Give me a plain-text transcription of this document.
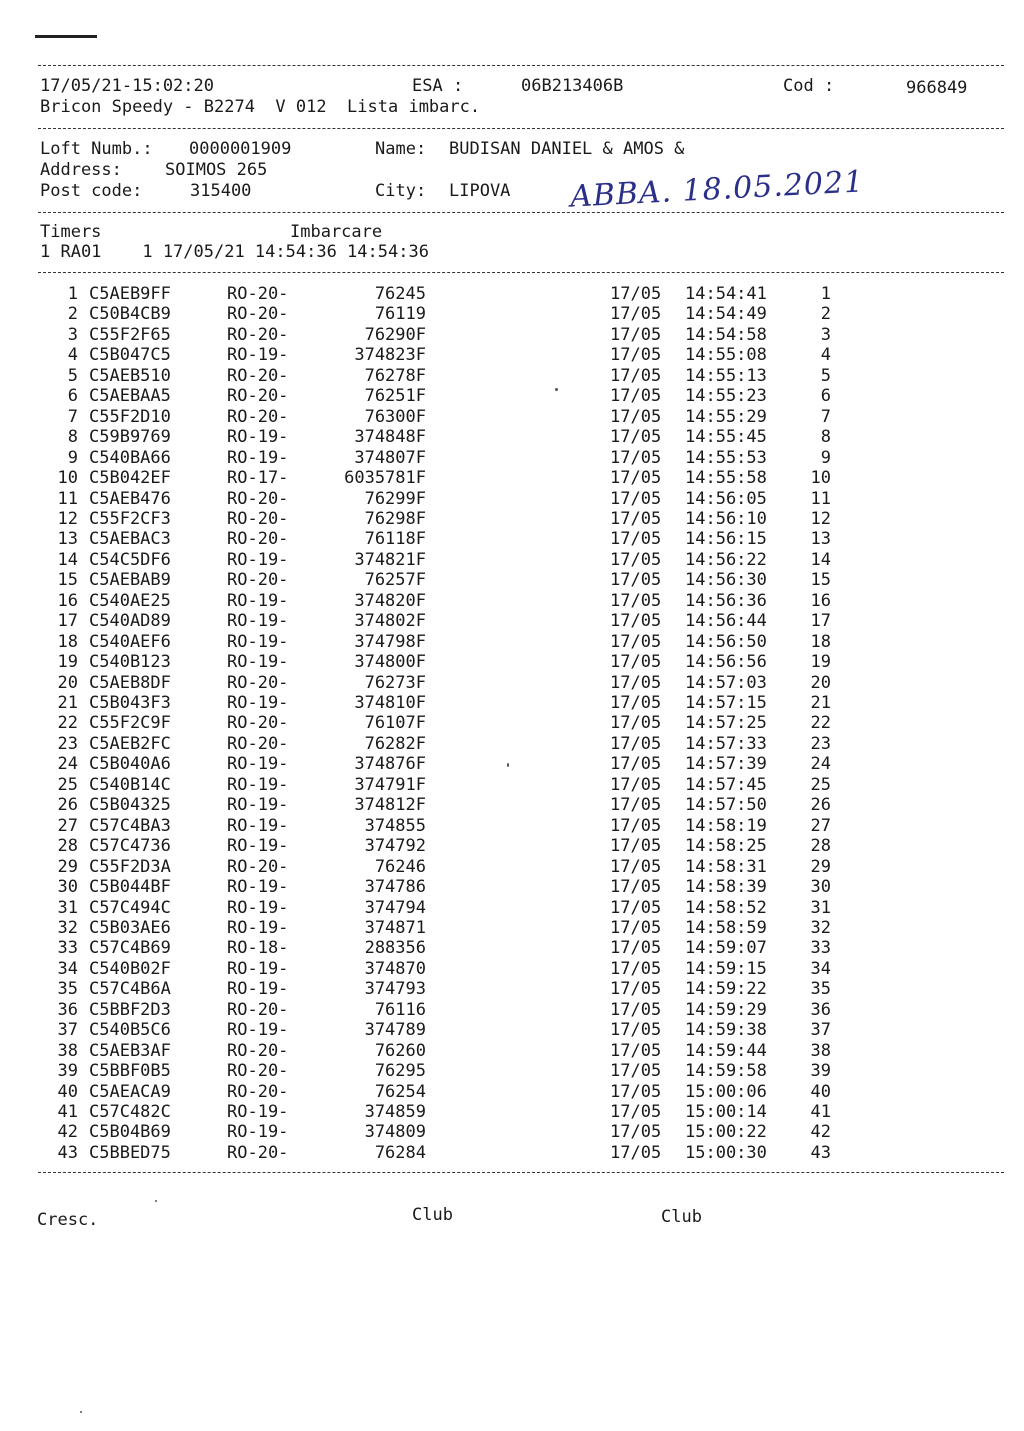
17/05/21-15:02:20	ESA :	06B213406B	Cod :	966849
Bricon Speedy - B2274  V 012  Lista imbarc.
Loft Numb.: 0000001909	Name: BUDISAN DANIEL & AMOS &
Address:	SOIMOS 265
Post code:	315400	City: LIPOVA ABBA. 18.05.2021
Timers	Imbarcare
1 RA01    1 17/05/21 14:54:36 14:54:36
1 C5AEB9FF	RO-20-	76245	17/05 14:54:41	1
2 C50B4CB9	RO-20-	76119	17/05 14:54:49	2
3 C55F2F65	RO-20-	76290F	17/05 14:54:58	3
4 C5B047C5	RO-19-	374823F	17/05 14:55:08	4
5 C5AEB510	RO-20-	76278F	17/05 14:55:13	5
6 C5AEBAA5	RO-20-	76251F	17/05 14:55:23	6
7 C55F2D10	RO-20-	76300F	17/05 14:55:29	7
8 C59B9769	RO-19-	374848F	17/05 14:55:45	8
9 C540BA66	RO-19-	374807F	17/05 14:55:53	9
10 C5B042EF	RO-17-	6035781F	17/05 14:55:58	10
11 C5AEB476	RO-20-	76299F	17/05 14:56:05	11
12 C55F2CF3	RO-20-	76298F	17/05 14:56:10	12
13 C5AEBAC3	RO-20-	76118F	17/05 14:56:15	13
14 C54C5DF6	RO-19-	374821F	17/05 14:56:22	14
15 C5AEBAB9	RO-20-	76257F	17/05 14:56:30	15
16 C540AE25	RO-19-	374820F	17/05 14:56:36	16
17 C540AD89	RO-19-	374802F	17/05 14:56:44	17
18 C540AEF6	RO-19-	374798F	17/05 14:56:50	18
19 C540B123	RO-19-	374800F	17/05 14:56:56	19
20 C5AEB8DF	RO-20-	76273F	17/05 14:57:03	20
21 C5B043F3	RO-19-	374810F	17/05 14:57:15	21
22 C55F2C9F	RO-20-	76107F	17/05 14:57:25	22
23 C5AEB2FC	RO-20-	76282F	17/05 14:57:33	23
24 C5B040A6	RO-19-	374876F	17/05 14:57:39	24
25 C540B14C	RO-19-	374791F	17/05 14:57:45	25
26 C5B04325	RO-19-	374812F	17/05 14:57:50	26
27 C57C4BA3	RO-19-	374855	17/05 14:58:19	27
28 C57C4736	RO-19-	374792	17/05 14:58:25	28
29 C55F2D3A	RO-20-	76246	17/05 14:58:31	29
30 C5B044BF	RO-19-	374786	17/05 14:58:39	30
31 C57C494C	RO-19-	374794	17/05 14:58:52	31
32 C5B03AE6	RO-19-	374871	17/05 14:58:59	32
33 C57C4B69	RO-18-	288356	17/05 14:59:07	33
34 C540B02F	RO-19-	374870	17/05 14:59:15	34
35 C57C4B6A	RO-19-	374793	17/05 14:59:22	35
36 C5BBF2D3	RO-20-	76116	17/05 14:59:29	36
37 C540B5C6	RO-19-	374789	17/05 14:59:38	37
38 C5AEB3AF	RO-20-	76260	17/05 14:59:44	38
39 C5BBF0B5	RO-20-	76295	17/05 14:59:58	39
40 C5AEACA9	RO-20-	76254	17/05 15:00:06	40
41 C57C482C	RO-19-	374859	17/05 15:00:14	41
42 C5B04B69	RO-19-	374809	17/05 15:00:22	42
43 C5BBED75	RO-20-	76284	17/05 15:00:30	43
Cresc.	Club	Club
